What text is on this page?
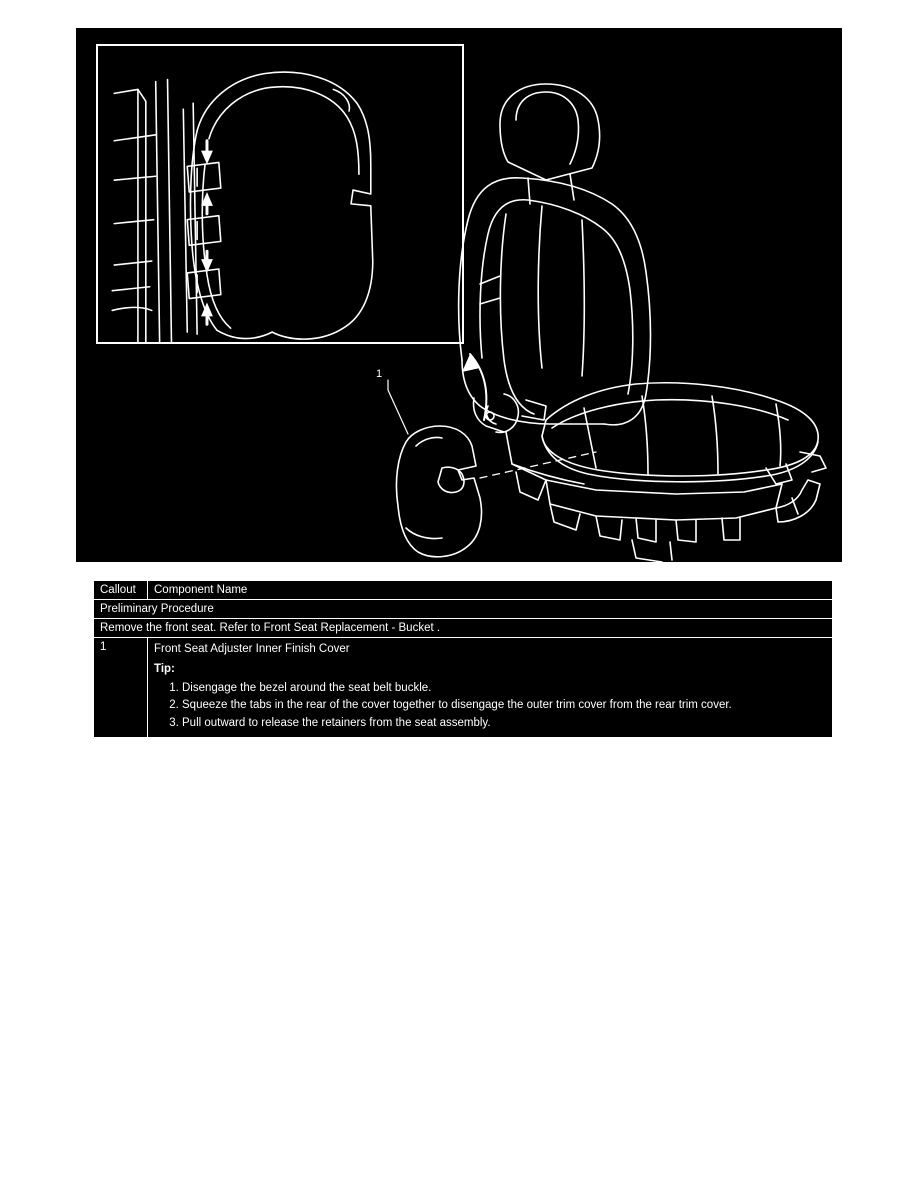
1
Callout	Component Name
Preliminary Procedure	
Remove the front seat. Refer to Front Seat Replacement - Bucket .	
1	Front Seat Adjuster Inner Finish Cover
Tip:
1. Disengage the bezel around the seat belt buckle.
2. Squeeze the tabs in the rear of the cover together to disengage the outer trim cover from the rear trim cover.
3. Pull outward to release the retainers from the seat assembly.
